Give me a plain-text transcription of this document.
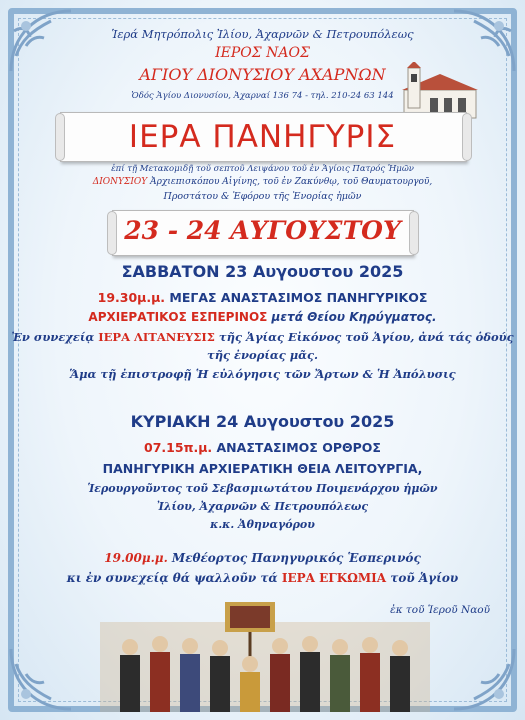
Ἱερά Μητρόπολις Ἰλίου, Ἀχαρνῶν & Πετρουπόλεως
ΙΕΡΟΣ ΝΑΟΣ
ΑΓΙΟΥ ΔΙΟΝΥΣΙΟΥ ΑΧΑΡΝΩΝ
Ὁδός Ἁγίου Διονυσίου, Ἀχαρναί 136 74 - τηλ. 210-24 63 144
ΙΕΡΑ ΠΑΝΗΓΥΡΙΣ
ἐπί τῇ Μετακομιδῇ τοῦ σεπτοῦ Λειψάνου τοῦ ἐν Ἁγίοις Πατρός Ἡμῶν
ΔΙΟΝΥΣΙΟΥ Ἀρχιεπισκόπου Αἰγίνης, τοῦ ἐν Ζακύνθῳ, τοῦ Θαυματουργοῦ,
Προστάτου & Ἐφόρου τῆς Ἐνορίας ἡμῶν
23 - 24 ΑΥΓΟΥΣΤΟΥ
ΣΑΒΒΑΤΟΝ 23 Αυγουστου 2025
19.30μ.μ. ΜΕΓΑΣ ΑΝΑΣΤΑΣΙΜΟΣ ΠΑΝΗΓΥΡΙΚΟΣ
ΑΡΧΙΕΡΑΤΙΚΟΣ ΕΣΠΕΡΙΝΟΣ μετά Θείου Κηρύγματος.
Ἐν συνεχείᾳ ΙΕΡΑ ΛΙΤΑΝΕΥΣΙΣ τῆς Ἁγίας Εἰκόνος τοῦ Ἁγίου, ἀνά τάς ὁδούς
τῆς ἐνορίας μᾶς.
Ἅμα τῇ ἐπιστροφῇ Ἡ εὐλόγησις τῶν Ἄρτων & Ἡ Ἀπόλυσις
ΚΥΡΙΑΚΗ 24 Αυγουστου 2025
07.15π.μ. ΑΝΑΣΤΑΣΙΜΟΣ ΟΡΘΡΟΣ
ΠΑΝΗΓΥΡΙΚΗ ΑΡΧΙΕΡΑΤΙΚΗ ΘΕΙΑ ΛΕΙΤΟΥΡΓΙΑ,
Ἱερουργοῦντος τοῦ Σεβασμιωτάτου Ποιμενάρχου ἡμῶν
Ἰλίου, Ἀχαρνῶν & Πετρουπόλεως
κ.κ. Ἀθηναγόρου
19.00μ.μ. Μεθέορτος Πανηγυρικός Ἑσπερινός
κι ἐν συνεχείᾳ θά ψαλλοῦν τά ΙΕΡΑ ΕΓΚΩΜΙΑ τοῦ Ἁγίου
ἐκ τοῦ Ἱεροῦ Ναοῦ
